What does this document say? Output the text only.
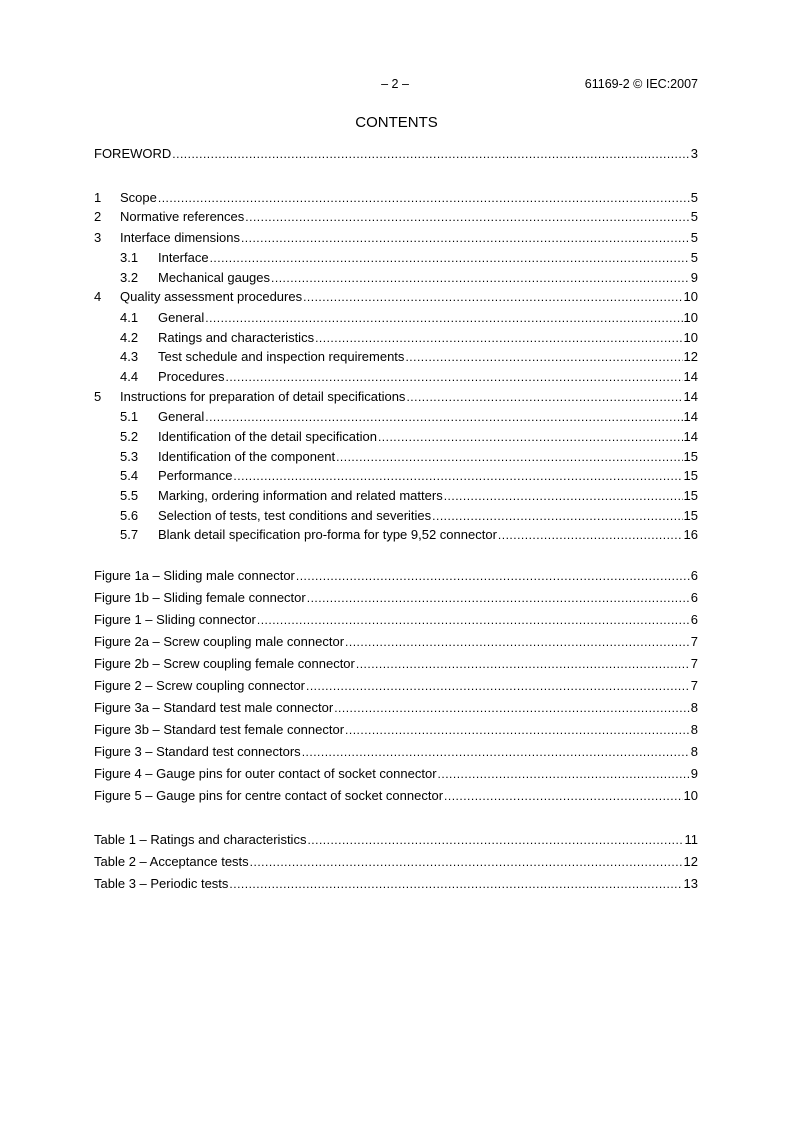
– 2 –	61169-2 © IEC:2007
CONTENTS
FOREWORD .....	3
1	Scope .....	5
2	Normative references .....	5
3	Interface dimensions .....	5
3.1	Interface .....	5
3.2	Mechanical gauges .....	9
4	Quality assessment procedures .....	10
4.1	General .....	10
4.2	Ratings and characteristics .....	10
4.3	Test schedule and inspection requirements .....	12
4.4	Procedures .....	14
5	Instructions for preparation of detail specifications .....	14
5.1	General .....	14
5.2	Identification of the detail specification .....	14
5.3	Identification of the component .....	15
5.4	Performance .....	15
5.5	Marking, ordering information and related matters .....	15
5.6	Selection of tests, test conditions and severities .....	15
5.7	Blank detail specification pro-forma for type 9,52 connector .....	16
Figure 1a – Sliding male connector .....	6
Figure 1b – Sliding female connector .....	6
Figure 1 – Sliding connector .....	6
Figure 2a – Screw coupling male connector .....	7
Figure 2b – Screw coupling female connector .....	7
Figure 2 – Screw coupling connector .....	7
Figure 3a – Standard test male connector .....	8
Figure 3b – Standard test female connector .....	8
Figure 3 – Standard test connectors .....	8
Figure 4 – Gauge pins for outer contact of socket connector .....	9
Figure 5 – Gauge pins for centre contact of socket connector .....	10
Table 1 – Ratings and characteristics .....	11
Table 2 – Acceptance tests .....	12
Table 3 – Periodic tests .....	13
